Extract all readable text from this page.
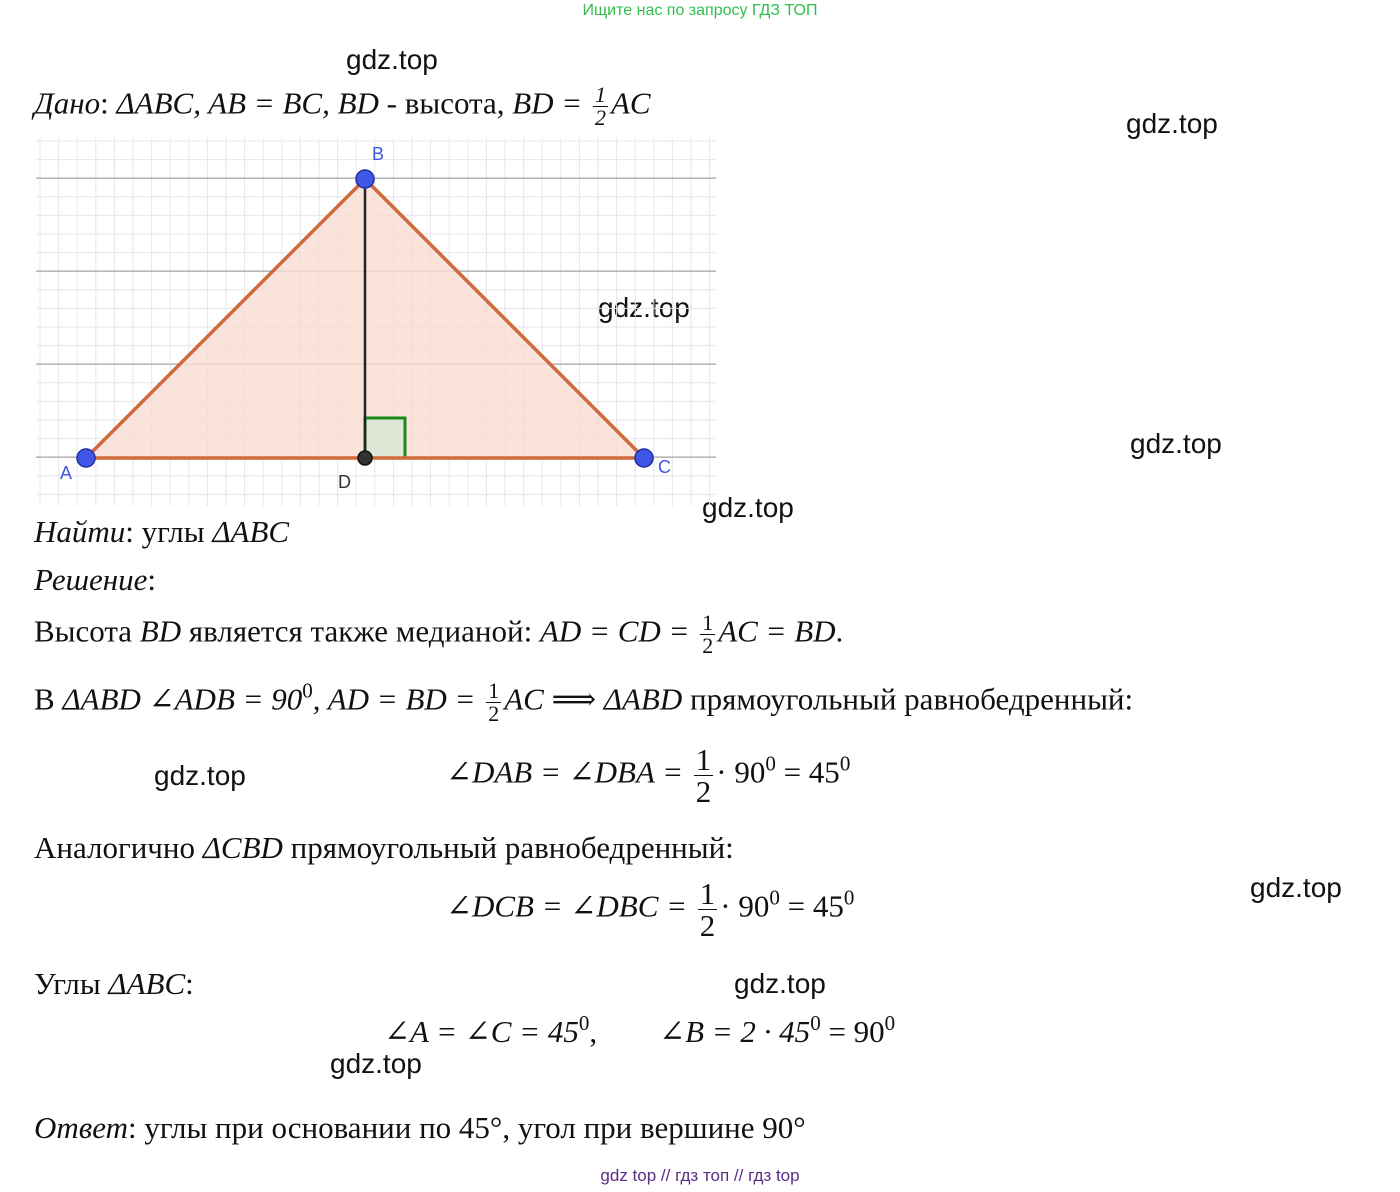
Ищите нас по запросу ГДЗ ТОП
gdz.top
gdz.top
gdz.top
gdz.top
gdz.top
gdz.top
gdz.top
gdz.top
gdz.top
Дано: ΔABC, AB = BC, BD - высота, BD = $\frac{1}{2}$ AC
A
B
C
D
Найти: углы ΔABC
Решение:
Высота BD является также медианой: AD = CD = $\frac{1}{2}$ AC = BD.
В ΔABD ∠ADB = $90^0$, AD = BD = $\frac{1}{2}$ AC ⟹ ΔABD прямоугольный равнобедренный:
∠DAB = ∠DBA = $\frac{1}{2} \cdot 90^0 = 45^0$
Аналогично ΔCBD прямоугольный равнобедренный:
∠DCB = ∠DBC = $\frac{1}{2} \cdot 90^0 = 45^0$
Углы ΔABC:
∠A = ∠C = $45^0$, ∠B = $2 \cdot 45^0 = 90^0$
Ответ: углы при основании по 45°, угол при вершине 90°
gdz top // гдз топ // гдз top
